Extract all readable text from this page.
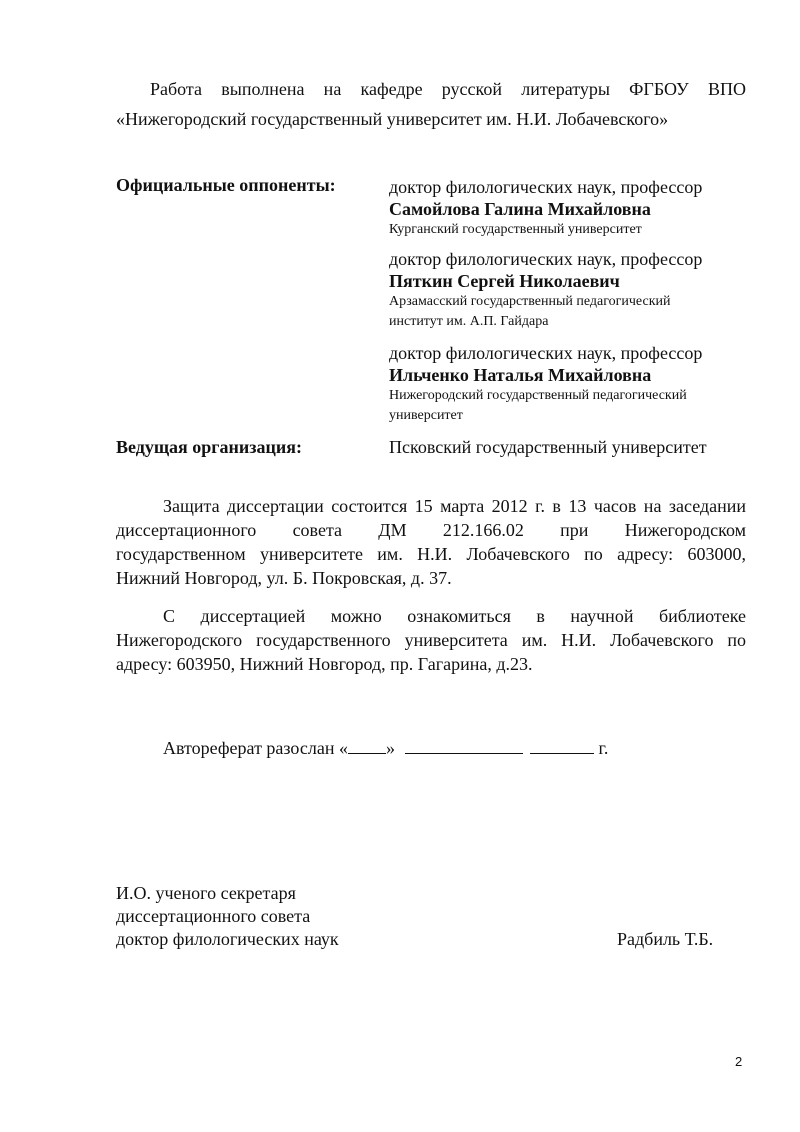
Работа выполнена на кафедре русской литературы ФГБОУ ВПО
«Нижегородский государственный университет им. Н.И. Лобачевского»
Официальные оппоненты:	доктор филологических наук, профессор
Самойлова Галина Михайловна
Курганский государственный университет
доктор филологических наук, профессор
Пяткин Сергей Николаевич
Арзамасский государственный педагогический
институт им. А.П. Гайдара
доктор филологических наук, профессор
Ильченко Наталья Михайловна
Нижегородский государственный педагогический
университет
Ведущая организация:	Псковский государственный университет
Защита диссертации состоится 15 марта 2012 г. в 13 часов на заседании
диссертационного совета ДМ 212.166.02 при Нижегородском
государственном университете им. Н.И. Лобачевского по адресу: 603000,
Нижний Новгород, ул. Б. Покровская, д. 37.
С диссертацией можно ознакомиться в научной библиотеке
Нижегородского государственного университета им. Н.И. Лобачевского по
адресу: 603950, Нижний Новгород, пр. Гагарина, д.23.
Автореферат разослан « »	г.
И.О. ученого секретаря
диссертационного совета
доктор филологических наук	Радбиль Т.Б.
2
